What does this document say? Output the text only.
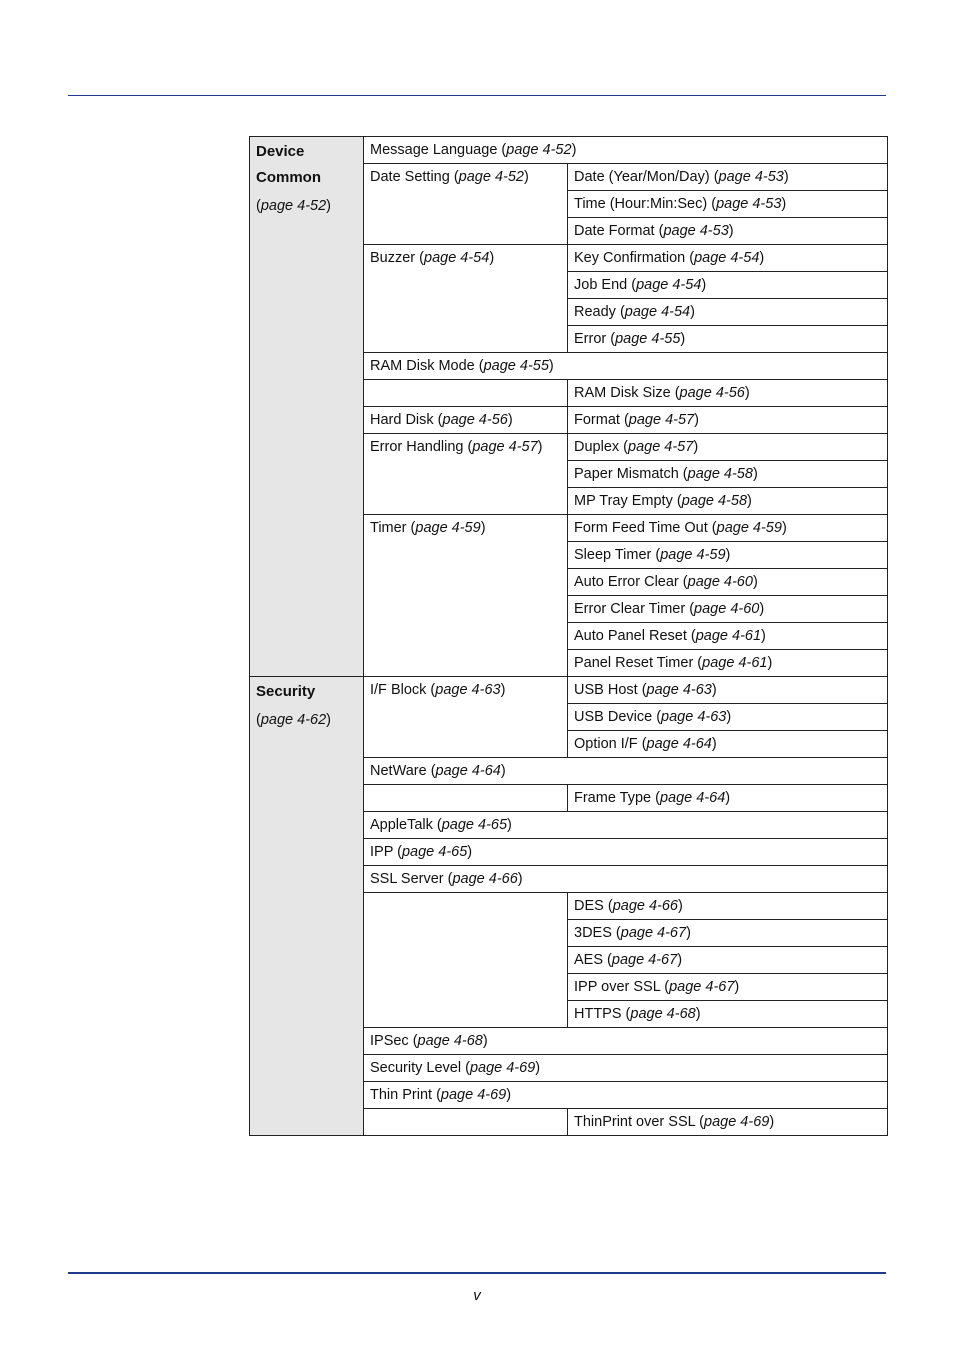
Device
Common
(page 4-52)	Message Language (page 4-52)	
	Date Setting (page 4-52)	Date (Year/Mon/Day) (page 4-53)
		Time (Hour:Min:Sec) (page 4-53)
		Date Format (page 4-53)
	Buzzer (page 4-54)	Key Confirmation (page 4-54)
		Job End (page 4-54)
		Ready (page 4-54)
		Error (page 4-55)
	RAM Disk Mode (page 4-55)	
		RAM Disk Size (page 4-56)
	Hard Disk (page 4-56)	Format (page 4-57)
	Error Handling (page 4-57)	Duplex (page 4-57)
		Paper Mismatch (page 4-58)
		MP Tray Empty (page 4-58)
	Timer (page 4-59)	Form Feed Time Out (page 4-59)
		Sleep Timer (page 4-59)
		Auto Error Clear (page 4-60)
		Error Clear Timer (page 4-60)
		Auto Panel Reset (page 4-61)
		Panel Reset Timer (page 4-61)

Security
(page 4-62)	I/F Block (page 4-63)	USB Host (page 4-63)
		USB Device (page 4-63)
		Option I/F (page 4-64)
	NetWare (page 4-64)	
		Frame Type (page 4-64)
	AppleTalk (page 4-65)	
	IPP (page 4-65)	
	SSL Server (page 4-66)	
		DES (page 4-66)
		3DES (page 4-67)
		AES (page 4-67)
		IPP over SSL (page 4-67)
		HTTPS (page 4-68)
	IPSec (page 4-68)	
	Security Level (page 4-69)	
	Thin Print (page 4-69)	
		ThinPrint over SSL (page 4-69)
v
